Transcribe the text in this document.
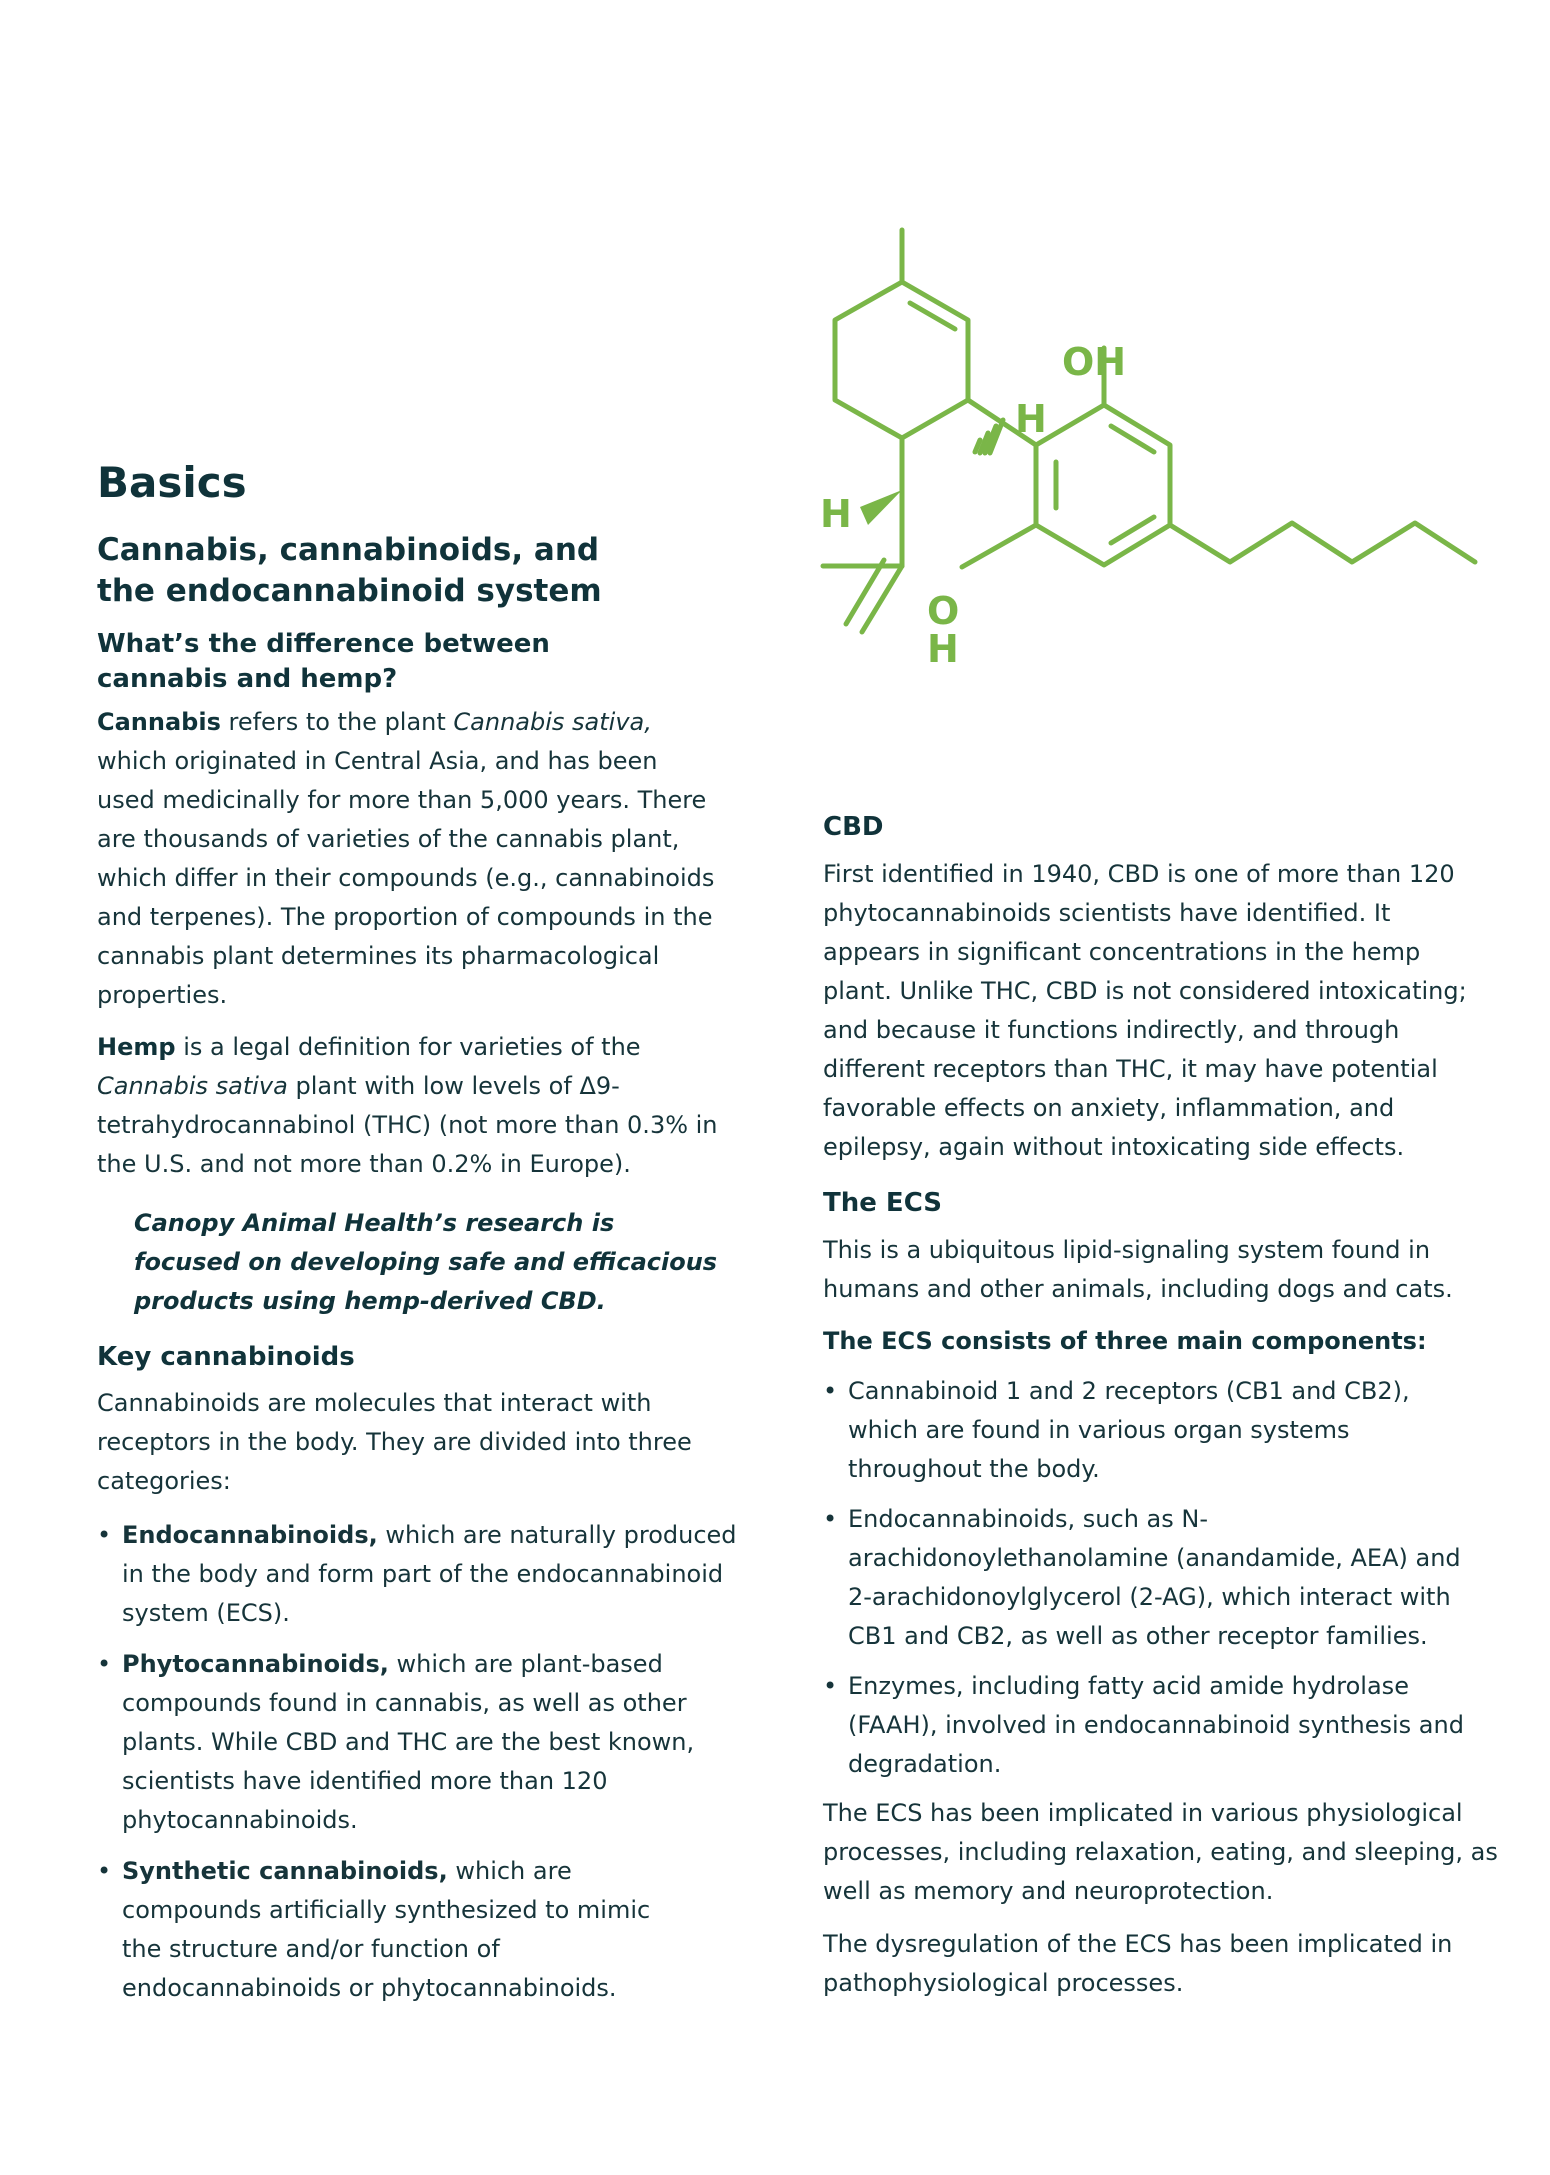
Basics
Cannabis, cannabinoids, and the endocannabinoid system
What’s the difference between cannabis and hemp?

Cannabis refers to the plant Cannabis sativa, which originated in Central Asia, and has been used medicinally for more than 5,000 years. There are thousands of varieties of the cannabis plant, which differ in their compounds (e.g., cannabinoids and terpenes). The proportion of compounds in the cannabis plant determines its pharmacological properties.

Hemp is a legal definition for varieties of the Cannabis sativa plant with low levels of Δ9-tetrahydrocannabinol (THC) (not more than 0.3% in the U.S. and not more than 0.2% in Europe).

Canopy Animal Health’s research is focused on developing safe and efficacious products using hemp-derived CBD.

Key cannabinoids

Cannabinoids are molecules that interact with receptors in the body. They are divided into three categories:

• Endocannabinoids, which are naturally produced in the body and form part of the endocannabinoid system (ECS).
• Phytocannabinoids, which are plant-based compounds found in cannabis, as well as other plants. While CBD and THC are the best known, scientists have identified more than 120 phytocannabinoids.
• Synthetic cannabinoids, which are compounds artificially synthesized to mimic the structure and/or function of endocannabinoids or phytocannabinoids.
OH
H
H
O
H
CBD

First identified in 1940, CBD is one of more than 120 phytocannabinoids scientists have identified. It appears in significant concentrations in the hemp plant. Unlike THC, CBD is not considered intoxicating; and because it functions indirectly, and through different receptors than THC, it may have potential favorable effects on anxiety, inflammation, and epilepsy, again without intoxicating side effects.

The ECS

This is a ubiquitous lipid-signaling system found in humans and other animals, including dogs and cats.

The ECS consists of three main components:

• Cannabinoid 1 and 2 receptors (CB1 and CB2), which are found in various organ systems throughout the body.
• Endocannabinoids, such as N-arachidonoylethanolamine (anandamide, AEA) and 2-arachidonoylglycerol (2-AG), which interact with CB1 and CB2, as well as other receptor families.
• Enzymes, including fatty acid amide hydrolase (FAAH), involved in endocannabinoid synthesis and degradation.

The ECS has been implicated in various physiological processes, including relaxation, eating, and sleeping, as well as memory and neuroprotection.

The dysregulation of the ECS has been implicated in pathophysiological processes.
